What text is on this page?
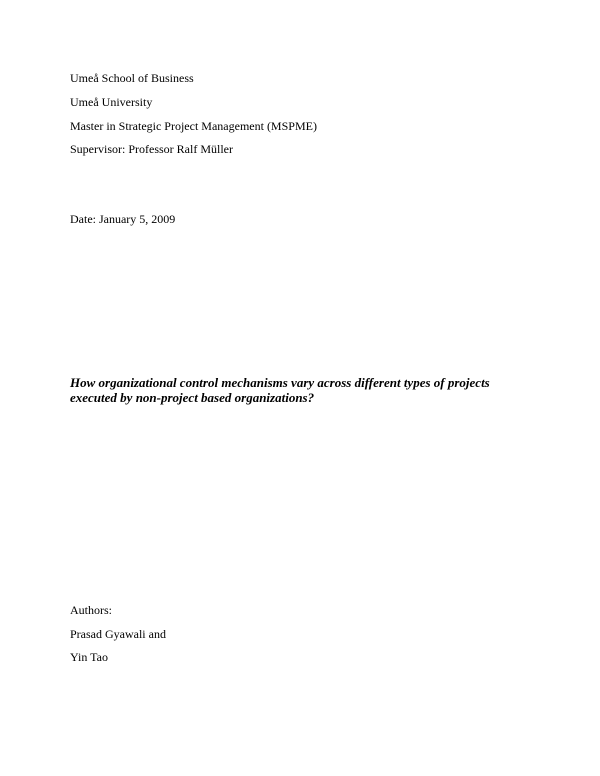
Umeå School of Business
Umeå University
Master in Strategic Project Management (MSPME)
Supervisor: Professor Ralf Müller
Date: January 5, 2009
How organizational control mechanisms vary across different types of projects
executed by non-project based organizations?
Authors:
Prasad Gyawali and
Yin Tao
